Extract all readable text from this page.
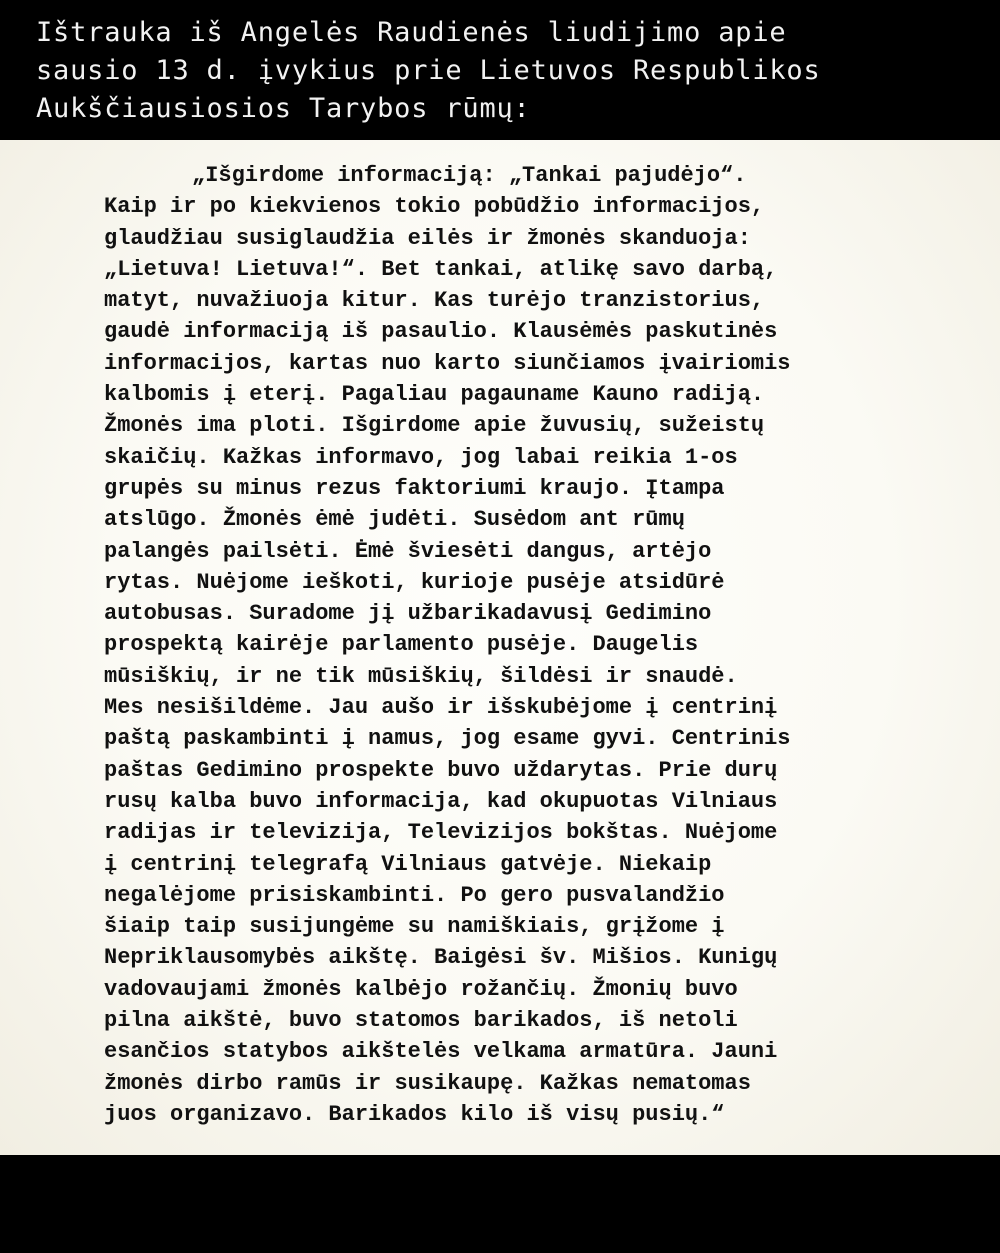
Ištrauka iš Angelės Raudienės liudijimo apie
sausio 13 d. įvykius prie Lietuvos Respublikos
Aukščiausiosios Tarybos rūmų:

„Išgirdome informaciją: „Tankai pajudėjo“.
Kaip ir po kiekvienos tokio pobūdžio informacijos,
glaudžiau susiglaudžia eilės ir žmonės skanduoja:
„Lietuva! Lietuva!“. Bet tankai, atlikę savo darbą,
matyt, nuvažiuoja kitur. Kas turėjo tranzistorius,
gaudė informaciją iš pasaulio. Klausėmės paskutinės
informacijos, kartas nuo karto siunčiamos įvairiomis
kalbomis į eterį. Pagaliau pagauname Kauno radiją.
Žmonės ima ploti. Išgirdome apie žuvusių, sužeistų
skaičių. Kažkas informavo, jog labai reikia 1-os
grupės su minus rezus faktoriumi kraujo. Įtampa
atslūgo. Žmonės ėmė judėti. Susėdom ant rūmų
palangės pailsėti. Ėmė šviesėti dangus, artėjo
rytas. Nuėjome ieškoti, kurioje pusėje atsidūrė
autobusas. Suradome jį užbarikadavusį Gedimino
prospektą kairėje parlamento pusėje. Daugelis
mūsiškių, ir ne tik mūsiškių, šildėsi ir snaudė.
Mes nesišildėme. Jau aušo ir išskubėjome į centrinį
paštą paskambinti į namus, jog esame gyvi. Centrinis
paštas Gedimino prospekte buvo uždarytas. Prie durų
rusų kalba buvo informacija, kad okupuotas Vilniaus
radijas ir televizija, Televizijos bokštas. Nuėjome
į centrinį telegrafą Vilniaus gatvėje. Niekaip
negalėjome prisiskambinti. Po gero pusvalandžio
šiaip taip susijungėme su namiškiais, grįžome į
Nepriklausomybės aikštę. Baigėsi šv. Mišios. Kunigų
vadovaujami žmonės kalbėjo rožančių. Žmonių buvo
pilna aikštė, buvo statomos barikados, iš netoli
esančios statybos aikštelės velkama armatūra. Jauni
žmonės dirbo ramūs ir susikaupę. Kažkas nematomas
juos organizavo. Barikados kilo iš visų pusių.“
